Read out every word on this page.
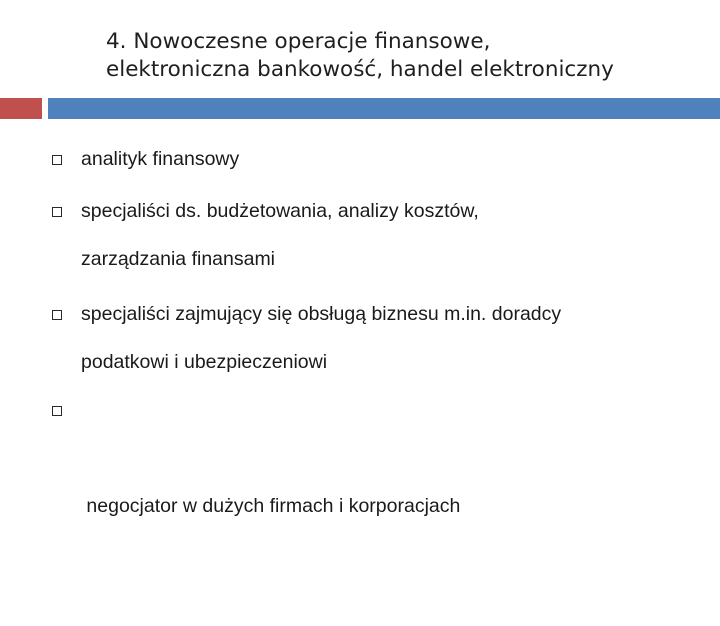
4. Nowoczesne operacje finansowe,
elektroniczna bankowość, handel elektroniczny
analityk finansowy
specjaliści ds. budżetowania, analizy kosztów,
zarządzania finansami
specjaliści zajmujący się obsługą biznesu m.in. doradcy
podatkowi i ubezpieczeniowi

negocjator w dużych firmach i korporacjach
